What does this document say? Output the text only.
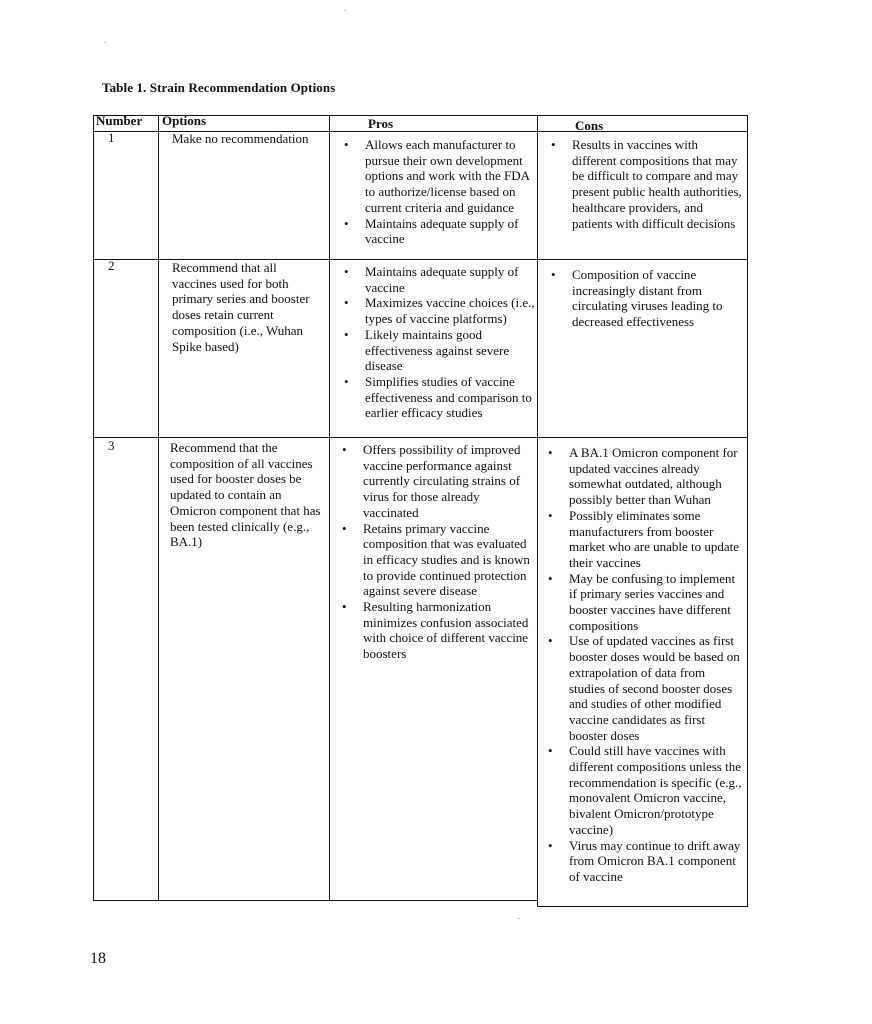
Table 1. Strain Recommendation Options
Number	Options	Pros	Cons
1	Make no recommendation
•	Allows each manufacturer to pursue their own development options and work with the FDA to authorize/license based on current criteria and guidance
• Maintains adequate supply of vaccine
• Results in vaccines with different compositions that may be difficult to compare and may present public health authorities, healthcare providers, and patients with difficult decisions
2	Recommend that all vaccines used for both primary series and booster doses retain current composition (i.e., Wuhan Spike based)
• Maintains adequate supply of vaccine
• Maximizes vaccine choices (i.e., types of vaccine platforms)
• Likely maintains good effectiveness against severe disease
• Simplifies studies of vaccine effectiveness and comparison to earlier efficacy studies
• Composition of vaccine increasingly distant from circulating viruses leading to decreased effectiveness
3	Recommend that the composition of all vaccines used for booster doses be updated to contain an Omicron component that has been tested clinically (e.g., BA.1)
• Offers possibility of improved vaccine performance against currently circulating strains of virus for those already vaccinated
• Retains primary vaccine composition that was evaluated in efficacy studies and is known to provide continued protection against severe disease
• Resulting harmonization minimizes confusion associated with choice of different vaccine boosters
• A BA.1 Omicron component for updated vaccines already somewhat outdated, although possibly better than Wuhan
• Possibly eliminates some manufacturers from booster market who are unable to update their vaccines
• May be confusing to implement if primary series vaccines and booster vaccines have different compositions
• Use of updated vaccines as first booster doses would be based on extrapolation of data from studies of second booster doses and studies of other modified vaccine candidates as first booster doses
• Could still have vaccines with different compositions unless the recommendation is specific (e.g., monovalent Omicron vaccine, bivalent Omicron/prototype vaccine)
• Virus may continue to drift away from Omicron BA.1 component of vaccine
18
